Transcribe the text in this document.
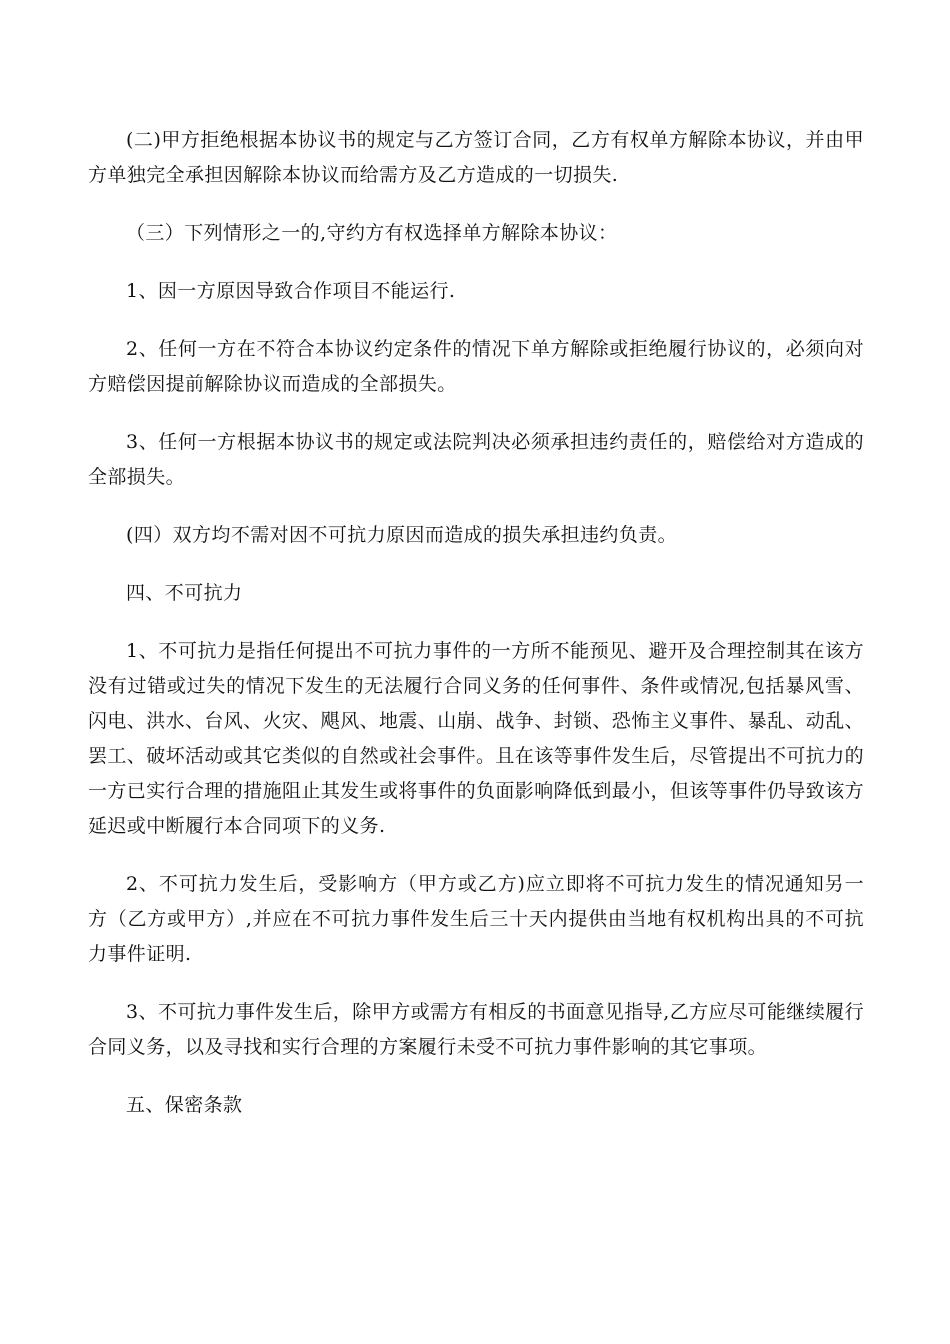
(二)甲方拒绝根据本协议书的规定与乙方签订合同，乙方有权单方解除本协议，并由甲方单独完全承担因解除本协议而给需方及乙方造成的一切损失.

（三）下列情形之一的,守约方有权选择单方解除本协议：

1、因一方原因导致合作项目不能运行.

2、任何一方在不符合本协议约定条件的情况下单方解除或拒绝履行协议的，必须向对方赔偿因提前解除协议而造成的全部损失。

3、任何一方根据本协议书的规定或法院判决必须承担违约责任的，赔偿给对方造成的全部损失。

(四）双方均不需对因不可抗力原因而造成的损失承担违约负责。

四、不可抗力

1、不可抗力是指任何提出不可抗力事件的一方所不能预见、避开及合理控制其在该方没有过错或过失的情况下发生的无法履行合同义务的任何事件、条件或情况,包括暴风雪、闪电、洪水、台风、火灾、飓风、地震、山崩、战争、封锁、恐怖主义事件、暴乱、动乱、罢工、破坏活动或其它类似的自然或社会事件。且在该等事件发生后，尽管提出不可抗力的一方已实行合理的措施阻止其发生或将事件的负面影响降低到最小，但该等事件仍导致该方延迟或中断履行本合同项下的义务.

2、不可抗力发生后，受影响方（甲方或乙方)应立即将不可抗力发生的情况通知另一方（乙方或甲方）,并应在不可抗力事件发生后三十天内提供由当地有权机构出具的不可抗力事件证明.

3、不可抗力事件发生后，除甲方或需方有相反的书面意见指导,乙方应尽可能继续履行合同义务，以及寻找和实行合理的方案履行未受不可抗力事件影响的其它事项。

五、保密条款
